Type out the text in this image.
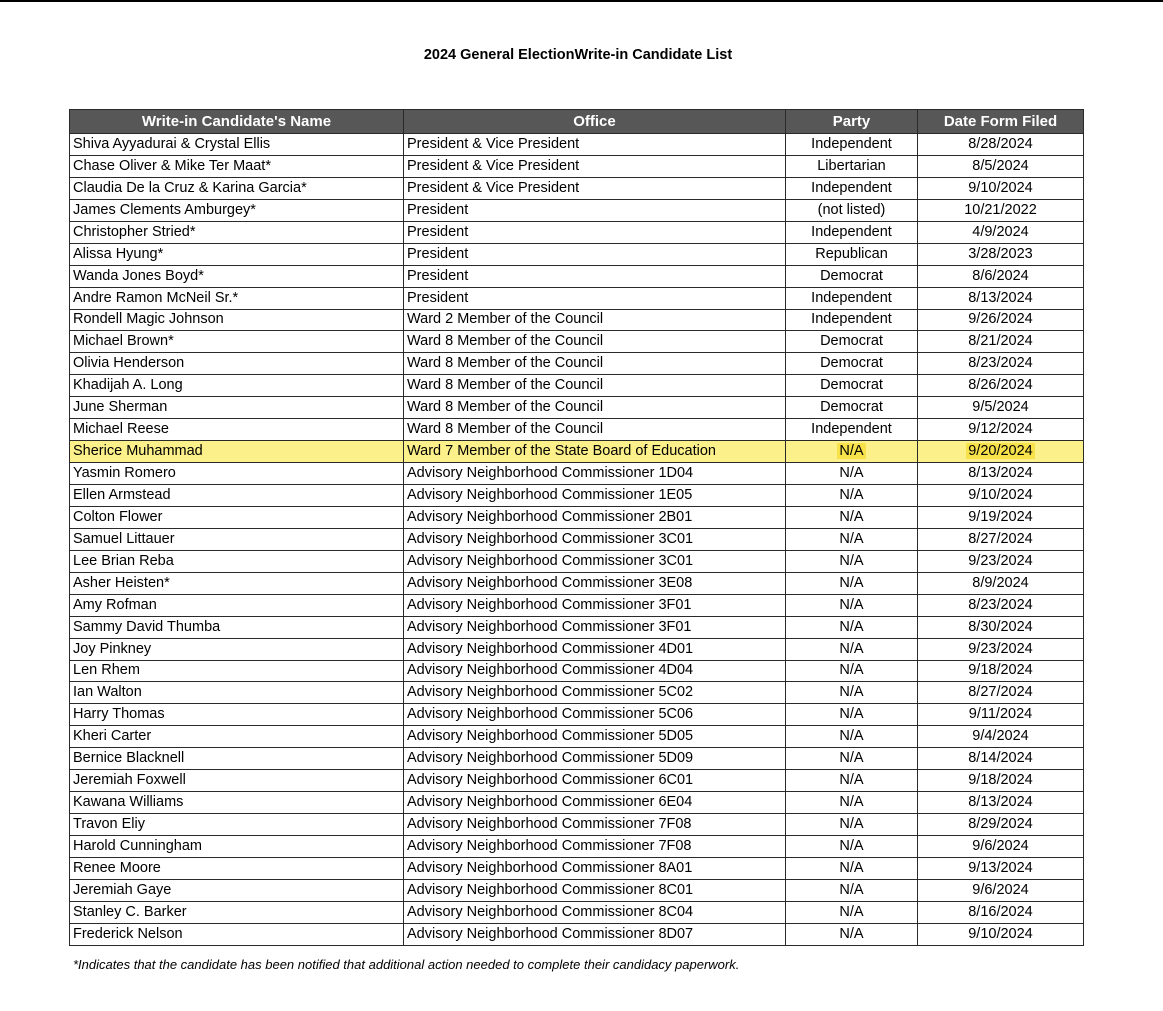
2024 General ElectionWrite-in Candidate List
Write-in Candidate's Name	Office	Party	Date Form Filed
Shiva Ayyadurai & Crystal Ellis	President & Vice President	Independent	8/28/2024
Chase Oliver & Mike Ter Maat*	President & Vice President	Libertarian	8/5/2024
Claudia De la Cruz & Karina Garcia*	President & Vice President	Independent	9/10/2024
James Clements Amburgey*	President	(not listed)	10/21/2022
Christopher Stried*	President	Independent	4/9/2024
Alissa Hyung*	President	Republican	3/28/2023
Wanda Jones Boyd*	President	Democrat	8/6/2024
Andre Ramon McNeil Sr.*	President	Independent	8/13/2024
Rondell Magic Johnson	Ward 2 Member of the Council	Independent	9/26/2024
Michael Brown*	Ward 8 Member of the Council	Democrat	8/21/2024
Olivia Henderson	Ward 8 Member of the Council	Democrat	8/23/2024
Khadijah A. Long	Ward 8 Member of the Council	Democrat	8/26/2024
June Sherman	Ward 8 Member of the Council	Democrat	9/5/2024
Michael Reese	Ward 8 Member of the Council	Independent	9/12/2024
Sherice Muhammad	Ward 7 Member of the State Board of Education	N/A	9/20/2024
Yasmin Romero	Advisory Neighborhood Commissioner 1D04	N/A	8/13/2024
Ellen Armstead	Advisory Neighborhood Commissioner 1E05	N/A	9/10/2024
Colton Flower	Advisory Neighborhood Commissioner 2B01	N/A	9/19/2024
Samuel Littauer	Advisory Neighborhood Commissioner 3C01	N/A	8/27/2024
Lee Brian Reba	Advisory Neighborhood Commissioner 3C01	N/A	9/23/2024
Asher Heisten*	Advisory Neighborhood Commissioner 3E08	N/A	8/9/2024
Amy Rofman	Advisory Neighborhood Commissioner 3F01	N/A	8/23/2024
Sammy David Thumba	Advisory Neighborhood Commissioner 3F01	N/A	8/30/2024
Joy Pinkney	Advisory Neighborhood Commissioner 4D01	N/A	9/23/2024
Len Rhem	Advisory Neighborhood Commissioner 4D04	N/A	9/18/2024
Ian Walton	Advisory Neighborhood Commissioner 5C02	N/A	8/27/2024
Harry Thomas	Advisory Neighborhood Commissioner 5C06	N/A	9/11/2024
Kheri Carter	Advisory Neighborhood Commissioner 5D05	N/A	9/4/2024
Bernice Blacknell	Advisory Neighborhood Commissioner 5D09	N/A	8/14/2024
Jeremiah Foxwell	Advisory Neighborhood Commissioner 6C01	N/A	9/18/2024
Kawana Williams	Advisory Neighborhood Commissioner 6E04	N/A	8/13/2024
Travon Eliy	Advisory Neighborhood Commissioner 7F08	N/A	8/29/2024
Harold Cunningham	Advisory Neighborhood Commissioner 7F08	N/A	9/6/2024
Renee Moore	Advisory Neighborhood Commissioner 8A01	N/A	9/13/2024
Jeremiah Gaye	Advisory Neighborhood Commissioner 8C01	N/A	9/6/2024
Stanley C. Barker	Advisory Neighborhood Commissioner 8C04	N/A	8/16/2024
Frederick Nelson	Advisory Neighborhood Commissioner 8D07	N/A	9/10/2024
*Indicates that the candidate has been notified that additional action needed to complete their candidacy paperwork.
